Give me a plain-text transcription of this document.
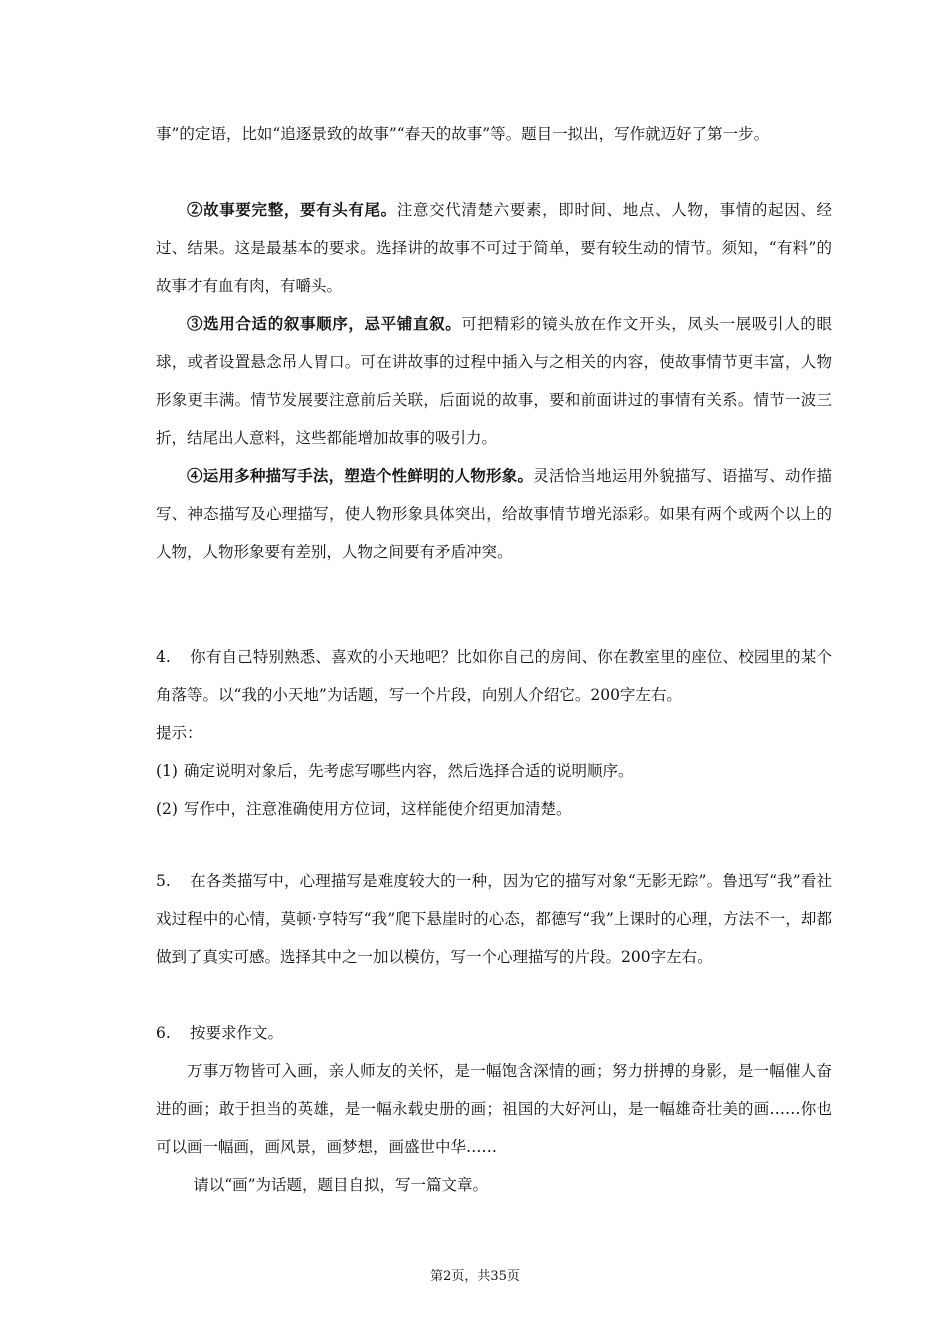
事”的定语，比如“追逐景致的故事”“春天的故事”等。题目一拟出，写作就迈好了第一步。

②故事要完整，要有头有尾。注意交代清楚六要素，即时间、地点、人物，事情的起因、经过、结果。这是最基本的要求。选择讲的故事不可过于简单，要有较生动的情节。须知，“有料”的故事才有血有肉，有嚼头。

③选用合适的叙事顺序，忌平铺直叙。可把精彩的镜头放在作文开头，凤头一展吸引人的眼球，或者设置悬念吊人胃口。可在讲故事的过程中插入与之相关的内容，使故事情节更丰富，人物形象更丰满。情节发展要注意前后关联，后面说的故事，要和前面讲过的事情有关系。情节一波三折，结尾出人意料，这些都能增加故事的吸引力。

④运用多种描写手法，塑造个性鲜明的人物形象。灵活恰当地运用外貌描写、语描写、动作描写、神态描写及心理描写，使人物形象具体突出，给故事情节增光添彩。如果有两个或两个以上的人物，人物形象要有差别，人物之间要有矛盾冲突。

4. 你有自己特别熟悉、喜欢的小天地吧？比如你自己的房间、你在教室里的座位、校园里的某个角落等。以“我的小天地”为话题，写一个片段，向别人介绍它。200字左右。

提示：

(1) 确定说明对象后，先考虑写哪些内容，然后选择合适的说明顺序。

(2) 写作中，注意准确使用方位词，这样能使介绍更加清楚。

5. 在各类描写中，心理描写是难度较大的一种，因为它的描写对象“无影无踪”。鲁迅写“我”看社戏过程中的心情，莫顿·亨特写“我”爬下悬崖时的心态，都德写“我”上课时的心理，方法不一，却都做到了真实可感。选择其中之一加以模仿，写一个心理描写的片段。200字左右。

6. 按要求作文。

万事万物皆可入画，亲人师友的关怀，是一幅饱含深情的画；努力拼搏的身影，是一幅催人奋进的画；敢于担当的英雄，是一幅永载史册的画；祖国的大好河山，是一幅雄奇壮美的画……你也可以画一幅画，画风景，画梦想，画盛世中华……

请以“画”为话题，题目自拟，写一篇文章。

第2页，共35页
